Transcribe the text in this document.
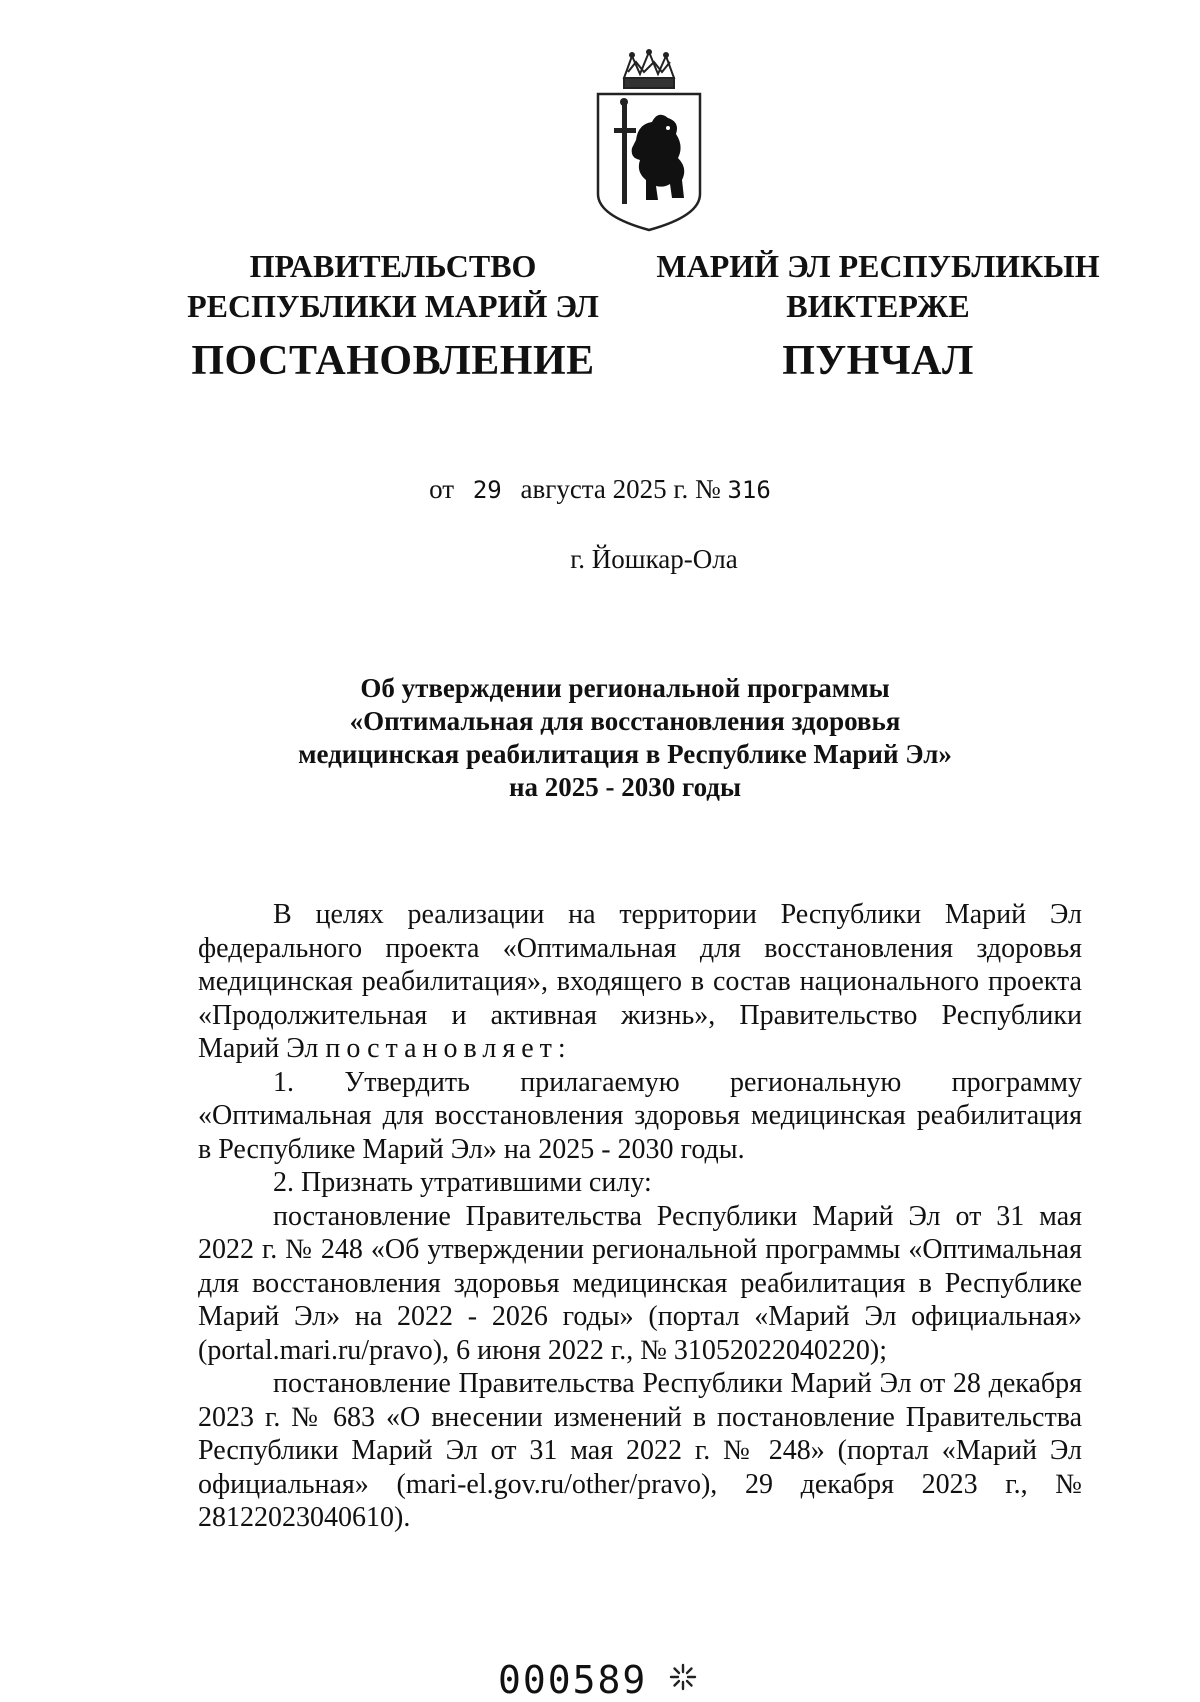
ПРАВИТЕЛЬСТВО
РЕСПУБЛИКИ МАРИЙ ЭЛ
ПОСТАНОВЛЕНИЕ
МАРИЙ ЭЛ РЕСПУБЛИКЫН
ВИКТЕРЖЕ
ПУНЧАЛ
от 29 августа 2025 г. № 316
г. Йошкар-Ола
Об утверждении региональной программы
«Оптимальная для восстановления здоровья
медицинская реабилитация в Республике Марий Эл»
на 2025 - 2030 годы

В целях реализации на территории Республики Марий Эл федерального проекта «Оптимальная для восстановления здоровья медицинская реабилитация», входящего в состав национального проекта «Продолжительная и активная жизнь», Правительство Республики Марий Эл постановляет:

1. Утвердить прилагаемую региональную программу «Оптимальная для восстановления здоровья медицинская реабилитация в Республике Марий Эл» на 2025 - 2030 годы.

2. Признать утратившими силу:

постановление Правительства Республики Марий Эл от 31 мая 2022 г. № 248 «Об утверждении региональной программы «Оптимальная для восстановления здоровья медицинская реабилитация в Республике Марий Эл» на 2022 - 2026 годы» (портал «Марий Эл официальная» (portal.mari.ru/pravo), 6 июня 2022 г., № 31052022040220);

постановление Правительства Республики Марий Эл от 28 декабря 2023 г. № 683 «О внесении изменений в постановление Правительства Республики Марий Эл от 31 мая 2022 г. № 248» (портал «Марий Эл официальная» (mari-el.gov.ru/other/pravo), 29 декабря 2023 г., № 28122023040610).

000589
